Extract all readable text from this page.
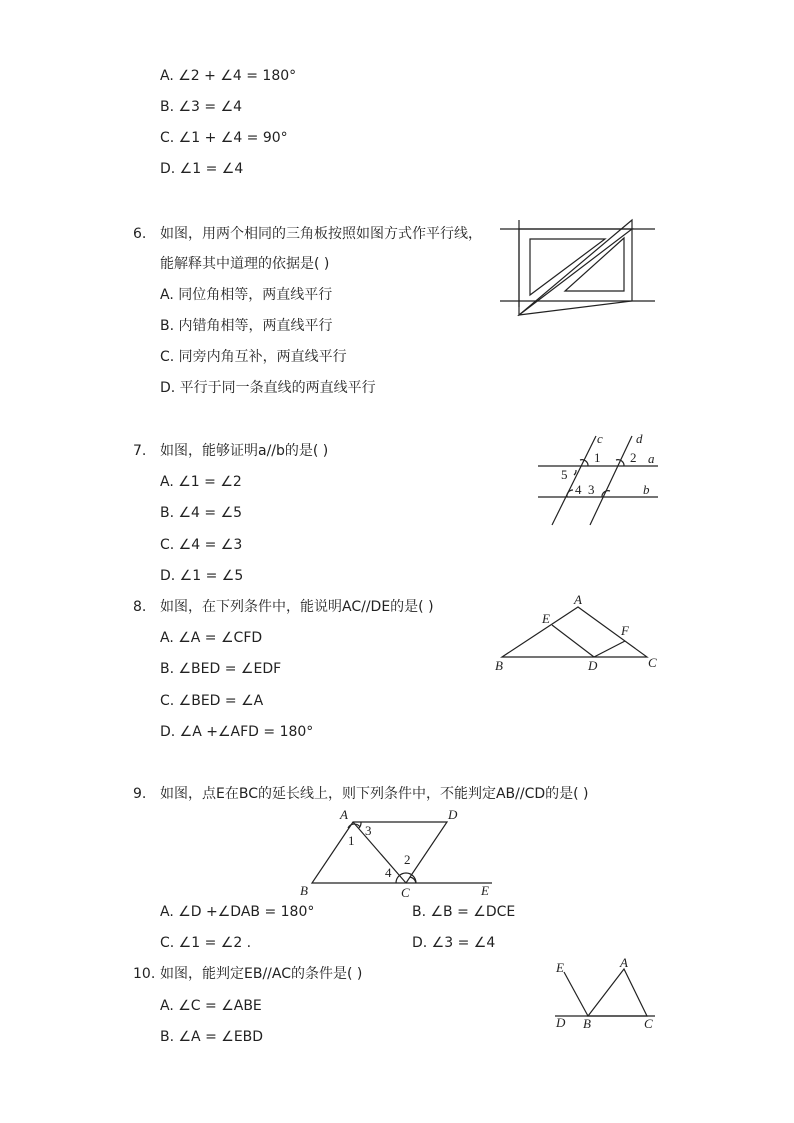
A. ∠2 + ∠4 = 180°
B. ∠3 = ∠4
C. ∠1 + ∠4 = 90°
D. ∠1 = ∠4
6. 如图，用两个相同的三角板按照如图方式作平行线，
能解释其中道理的依据是( )
A. 同位角相等，两直线平行
B. 内错角相等，两直线平行
C. 同旁内角互补，两直线平行
D. 平行于同一条直线的两直线平行
7. 如图，能够证明a//b的是( )
A. ∠1 = ∠2
B. ∠4 = ∠5
C. ∠4 = ∠3
D. ∠1 = ∠5
c	d
a
b
1 2
3
4
5
8. 如图，在下列条件中，能说明AC//DE的是( )
A. ∠A = ∠CFD
B. ∠BED = ∠EDF
C. ∠BED = ∠A
D. ∠A +∠AFD = 180°
A
E
F
B	D	C
9. 如图，点E在BC的延长线上，则下列条件中，不能判定AB//CD的是( )
A	D
B	C	E
1
3
2
4
A. ∠D +∠DAB = 180°	B. ∠B = ∠DCE
C. ∠1 = ∠2 .	D. ∠3 = ∠4
10. 如图，能判定EB//AC的条件是( )
A. ∠C = ∠ABE
B. ∠A = ∠EBD
E	A
D B	C
